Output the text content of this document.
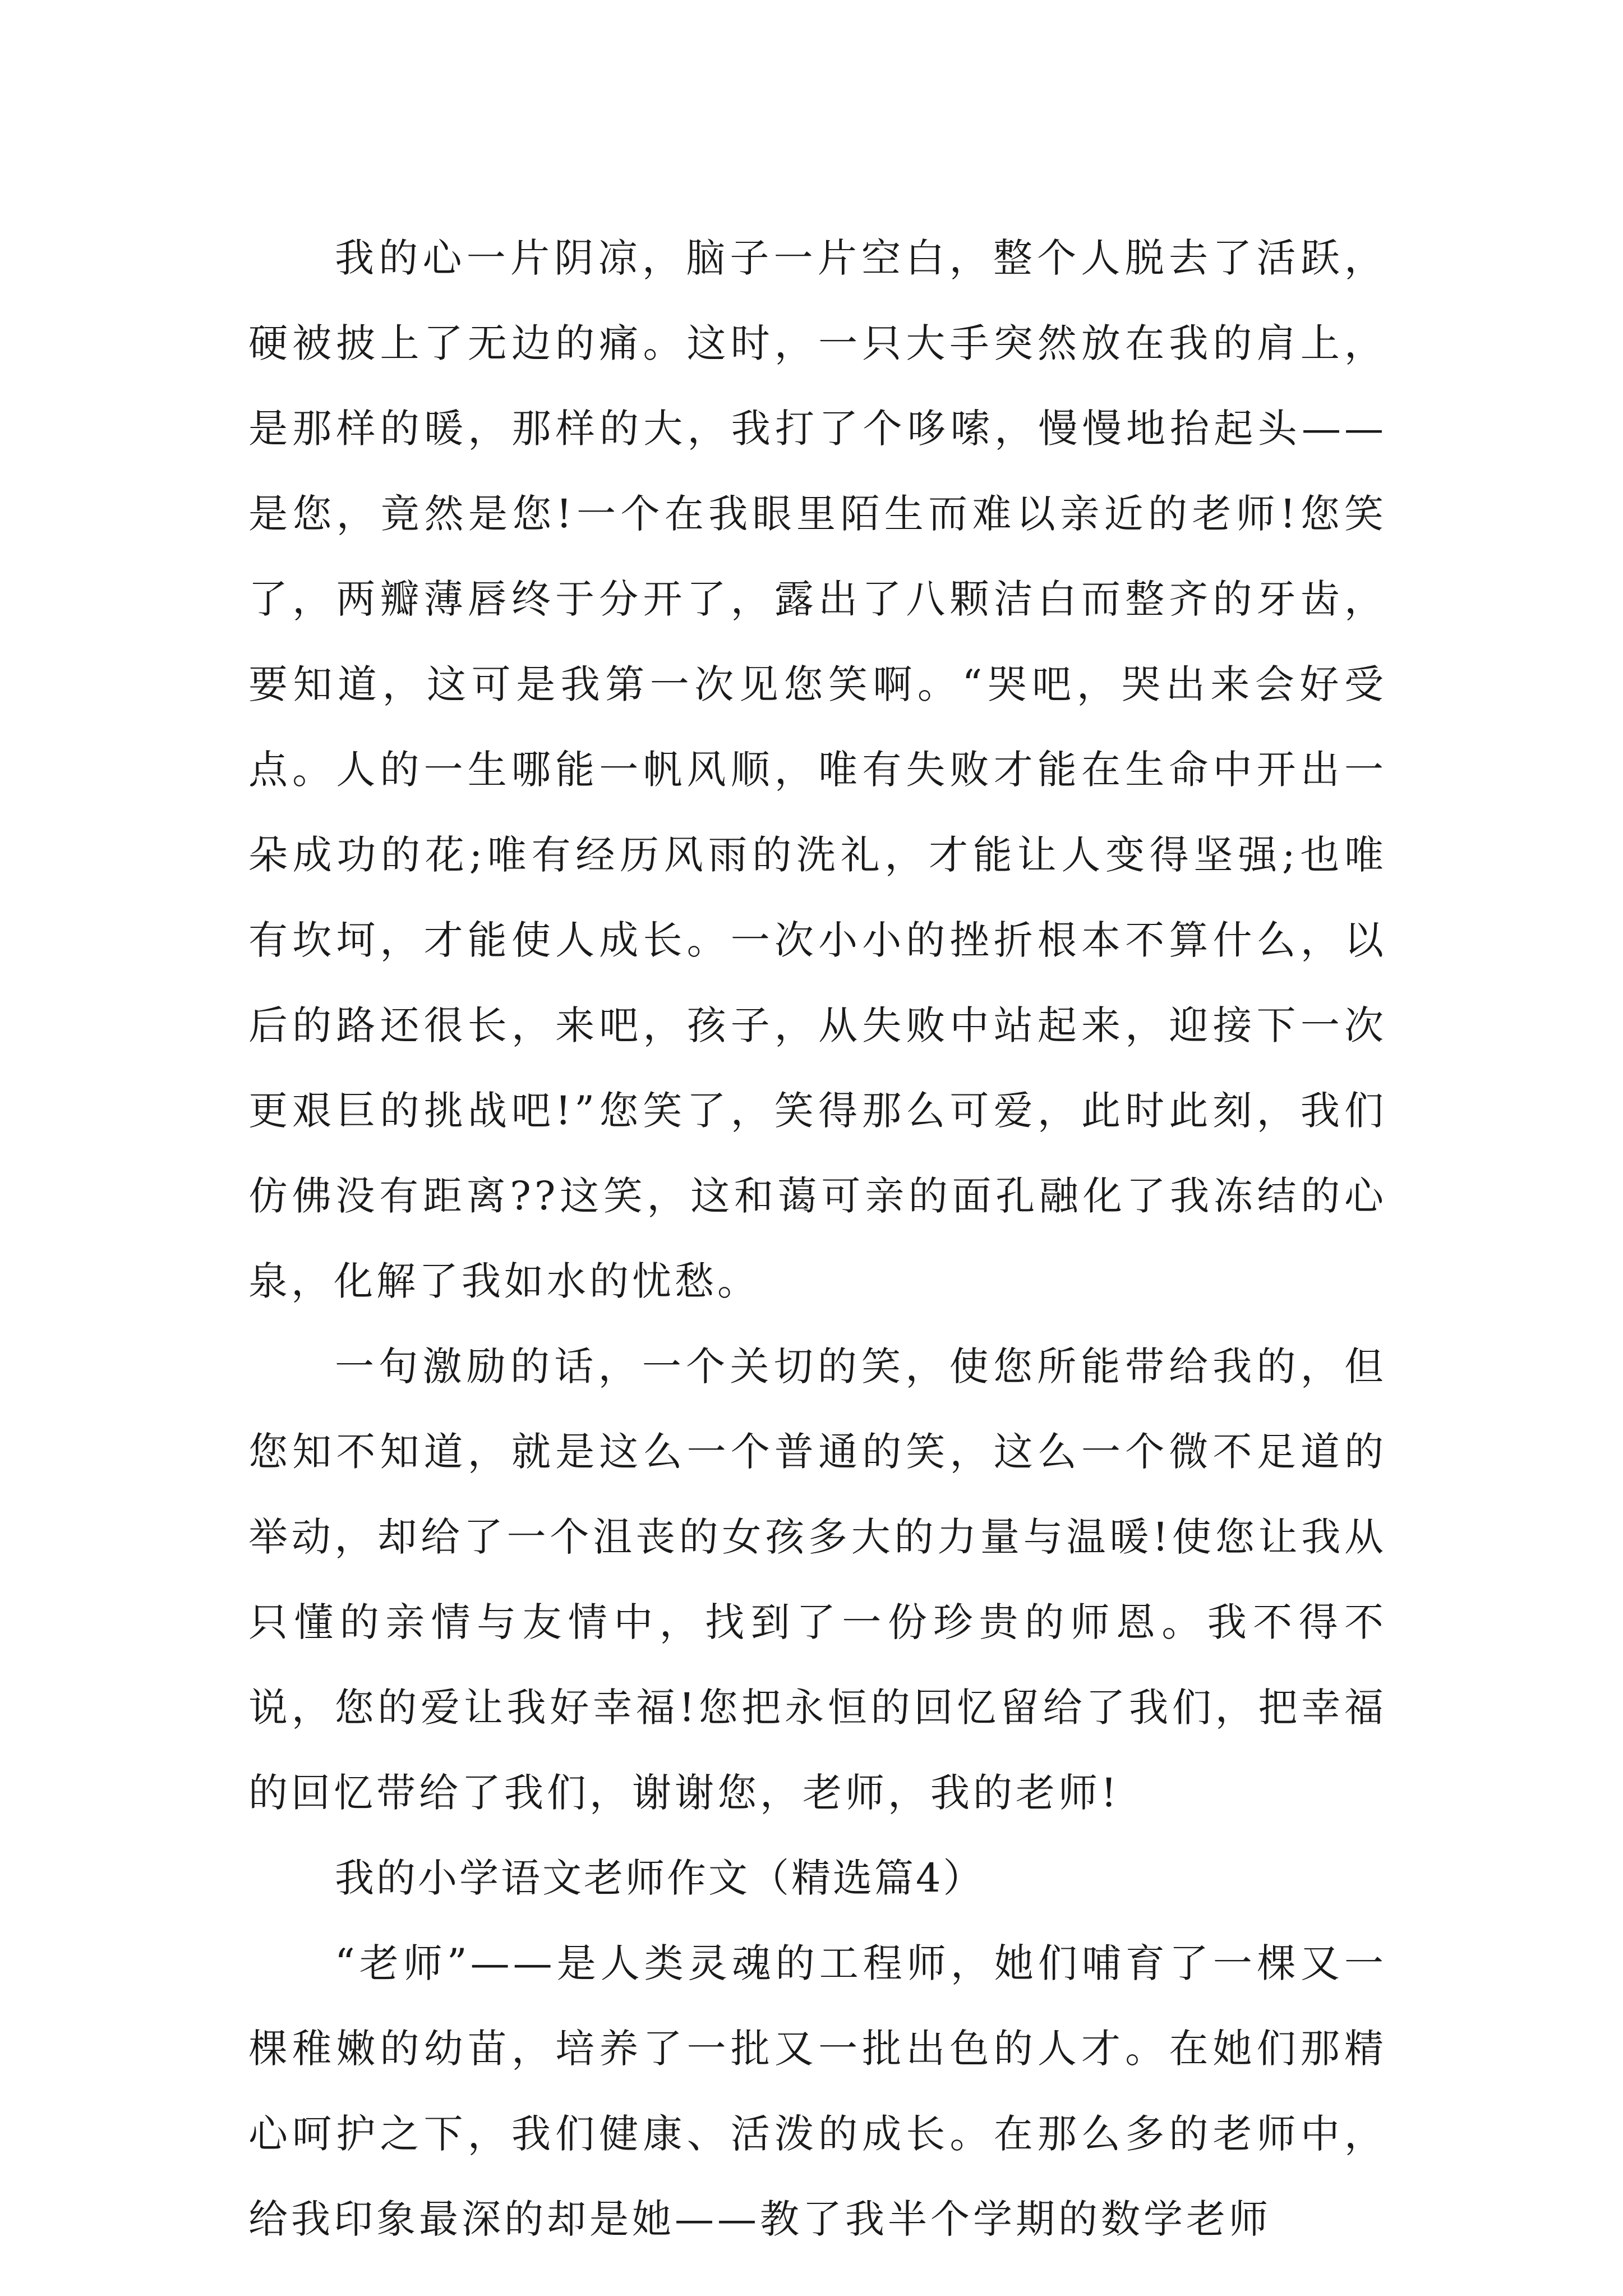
我的心一片阴凉，脑子一片空白，整个人脱去了活跃，硬被披上了无边的痛。这时，一只大手突然放在我的肩上，是那样的暖，那样的大，我打了个哆嗦，慢慢地抬起头——是您，竟然是您!一个在我眼里陌生而难以亲近的老师!您笑了，两瓣薄唇终于分开了，露出了八颗洁白而整齐的牙齿，要知道，这可是我第一次见您笑啊。“哭吧，哭出来会好受点。人的一生哪能一帆风顺，唯有失败才能在生命中开出一朵成功的花;唯有经历风雨的洗礼，才能让人变得坚强;也唯有坎坷，才能使人成长。一次小小的挫折根本不算什么，以后的路还很长，来吧，孩子，从失败中站起来，迎接下一次更艰巨的挑战吧!”您笑了，笑得那么可爱，此时此刻，我们仿佛没有距离??这笑，这和蔼可亲的面孔融化了我冻结的心泉，化解了我如水的忧愁。

一句激励的话，一个关切的笑，使您所能带给我的，但您知不知道，就是这么一个普通的笑，这么一个微不足道的举动，却给了一个沮丧的女孩多大的力量与温暖!使您让我从只懂的亲情与友情中，找到了一份珍贵的师恩。我不得不说，您的爱让我好幸福!您把永恒的回忆留给了我们，把幸福的回忆带给了我们，谢谢您，老师，我的老师!

我的小学语文老师作文（精选篇4）

“老师”——是人类灵魂的工程师，她们哺育了一棵又一棵稚嫩的幼苗，培养了一批又一批出色的人才。在她们那精心呵护之下，我们健康、活泼的成长。在那么多的老师中，给我印象最深的却是她——教了我半个学期的数学老师
